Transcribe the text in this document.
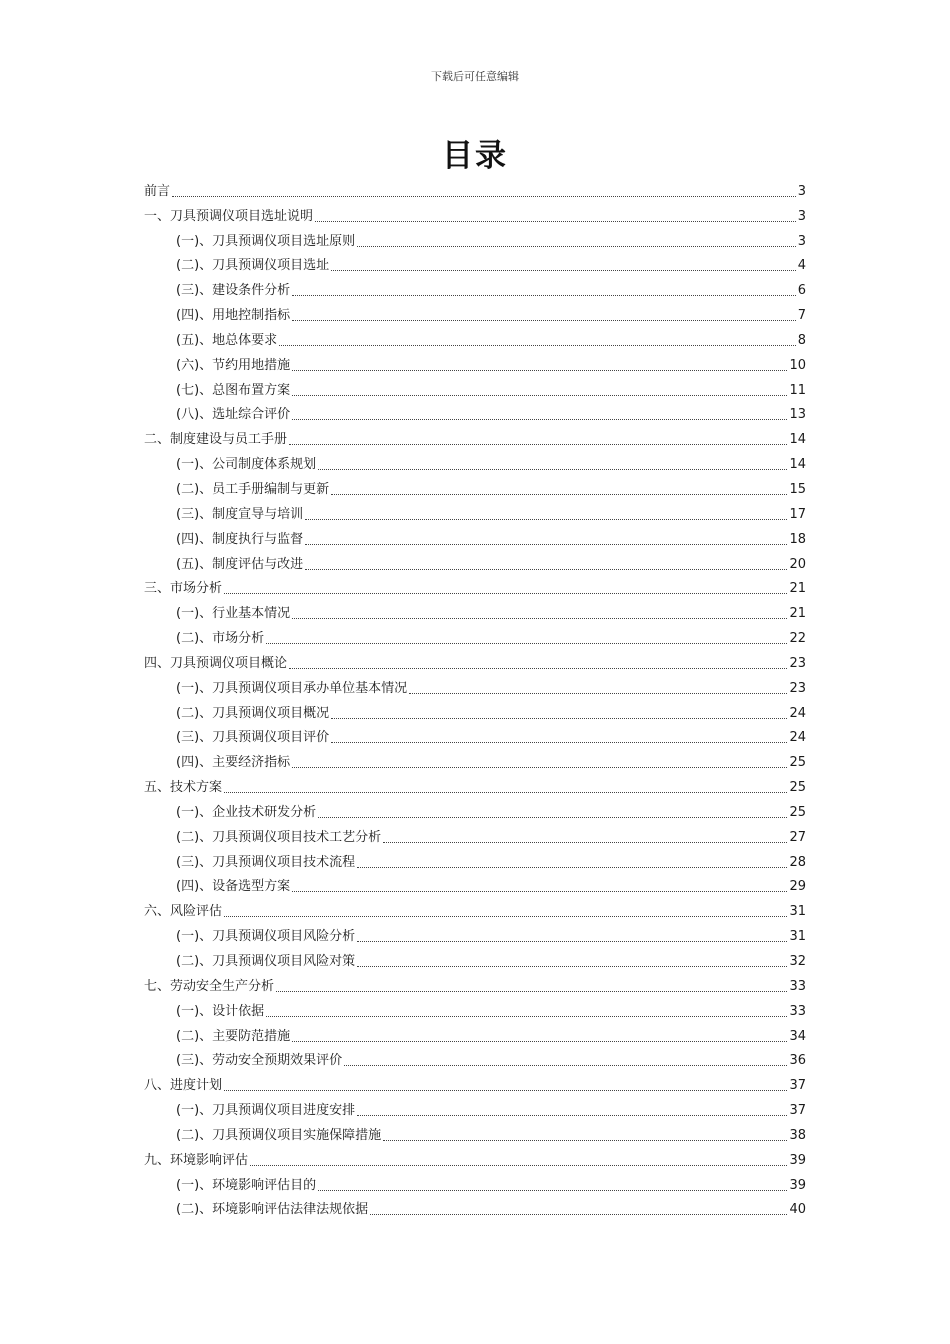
下载后可任意编辑
目录
前言	3
一、刀具预调仪项目选址说明	3
(一)、刀具预调仪项目选址原则	3
(二)、刀具预调仪项目选址	4
(三)、建设条件分析	6
(四)、用地控制指标	7
(五)、地总体要求	8
(六)、节约用地措施	10
(七)、总图布置方案	11
(八)、选址综合评价	13
二、制度建设与员工手册	14
(一)、公司制度体系规划	14
(二)、员工手册编制与更新	15
(三)、制度宣导与培训	17
(四)、制度执行与监督	18
(五)、制度评估与改进	20
三、市场分析	21
(一)、行业基本情况	21
(二)、市场分析	22
四、刀具预调仪项目概论	23
(一)、刀具预调仪项目承办单位基本情况	23
(二)、刀具预调仪项目概况	24
(三)、刀具预调仪项目评价	24
(四)、主要经济指标	25
五、技术方案	25
(一)、企业技术研发分析	25
(二)、刀具预调仪项目技术工艺分析	27
(三)、刀具预调仪项目技术流程	28
(四)、设备选型方案	29
六、风险评估	31
(一)、刀具预调仪项目风险分析	31
(二)、刀具预调仪项目风险对策	32
七、劳动安全生产分析	33
(一)、设计依据	33
(二)、主要防范措施	34
(三)、劳动安全预期效果评价	36
八、进度计划	37
(一)、刀具预调仪项目进度安排	37
(二)、刀具预调仪项目实施保障措施	38
九、环境影响评估	39
(一)、环境影响评估目的	39
(二)、环境影响评估法律法规依据	40
